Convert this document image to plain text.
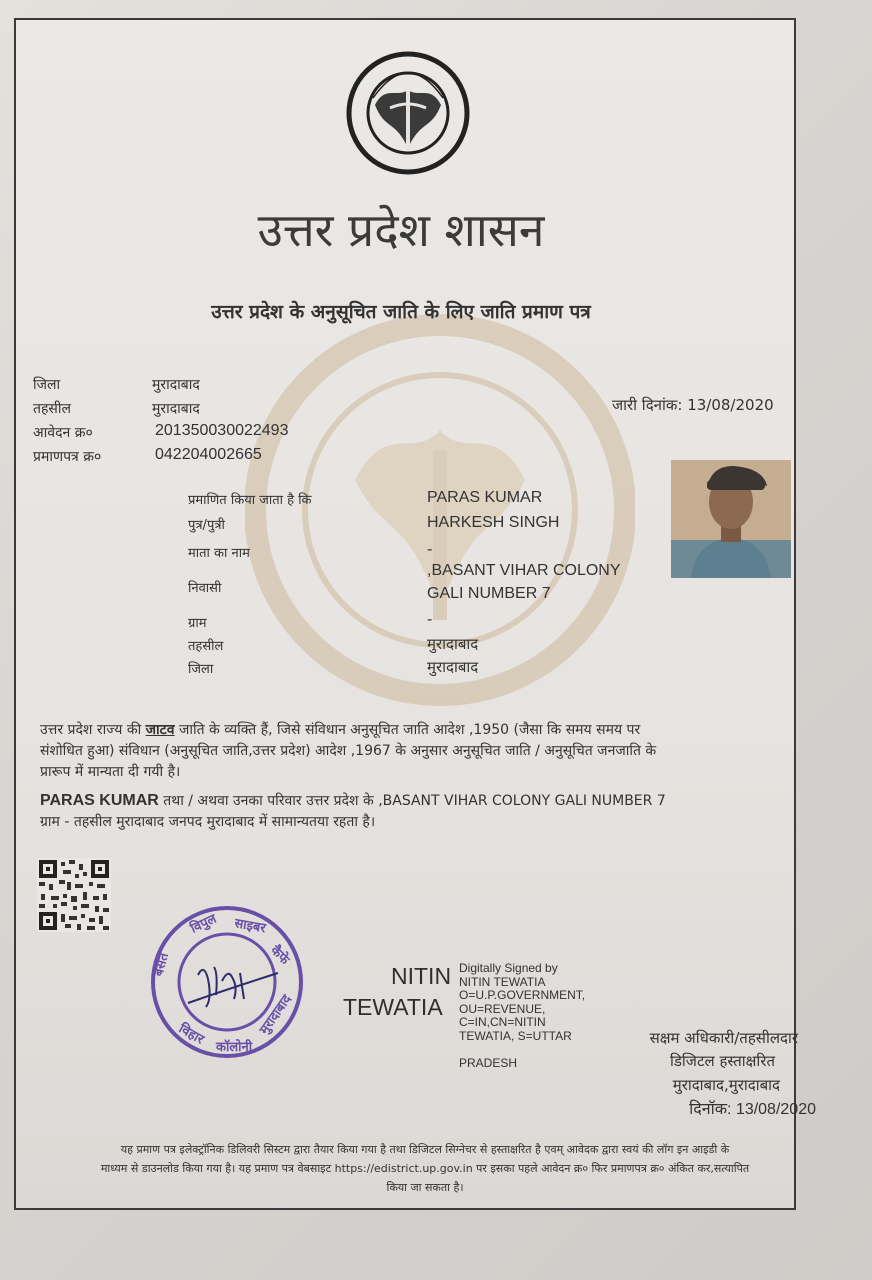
उत्तर प्रदेश शासन
उत्तर प्रदेश के अनुसूचित जाति के लिए जाति प्रमाण पत्र
जिला	मुरादाबाद
तहसील	मुरादाबाद
आवेदन क्र०	201350030022493
प्रमाणपत्र क्र०	042204002665
जारी दिनांक: 13/08/2020
प्रमाणित किया जाता है कि	PARAS KUMAR
पुत्र/पुत्री	HARKESH SINGH
माता का नाम	-
निवासी
,BASANT VIHAR COLONY
GALI NUMBER 7
ग्राम	-
तहसील	मुरादाबाद
जिला	मुरादाबाद
उत्तर प्रदेश राज्य की जाटव जाति के व्यक्ति हैं, जिसे संविधान अनुसूचित जाति आदेश ,1950 (जैसा कि समय समय पर
संशोधित हुआ) संविधान (अनुसूचित जाति,उत्तर प्रदेश) आदेश ,1967 के अनुसार अनुसूचित जाति / अनुसूचित जनजाति के
प्रारूप में मान्यता दी गयी है।
PARAS KUMAR तथा / अथवा उनका परिवार उत्तर प्रदेश के ,BASANT VIHAR COLONY GALI NUMBER 7
ग्राम - तहसील मुरादाबाद जनपद मुरादाबाद में सामान्यतया रहता है।
विपुल साइबर
कैफे
बसंत
विहार कॉलोनी
मुरादाबाद
NITIN
TEWATIA
Digitally Signed by
NITIN TEWATIA
O=U.P.GOVERNMENT,
OU=REVENUE,
C=IN,CN=NITIN
TEWATIA, S=UTTAR
PRADESH
सक्षम अधिकारी/तहसीलदार
डिजिटल हस्ताक्षरित
मुरादाबाद,मुरादाबाद
दिनॉक: 13/08/2020
यह प्रमाण पत्र इलेक्ट्रॉनिक डिलिवरी सिस्टम द्वारा तैयार किया गया है तथा डिजिटल सिग्नेचर से हस्ताक्षरित है एवम् आवेदक द्वारा स्वयं की लॉग इन आइडी के
माध्यम से डाउनलोड किया गया है। यह प्रमाण पत्र वेबसाइट https://edistrict.up.gov.in पर इसका पहले आवेदन क्र० फिर प्रमाणपत्र क्र० अंकित कर,सत्यापित
किया जा सकता है।
